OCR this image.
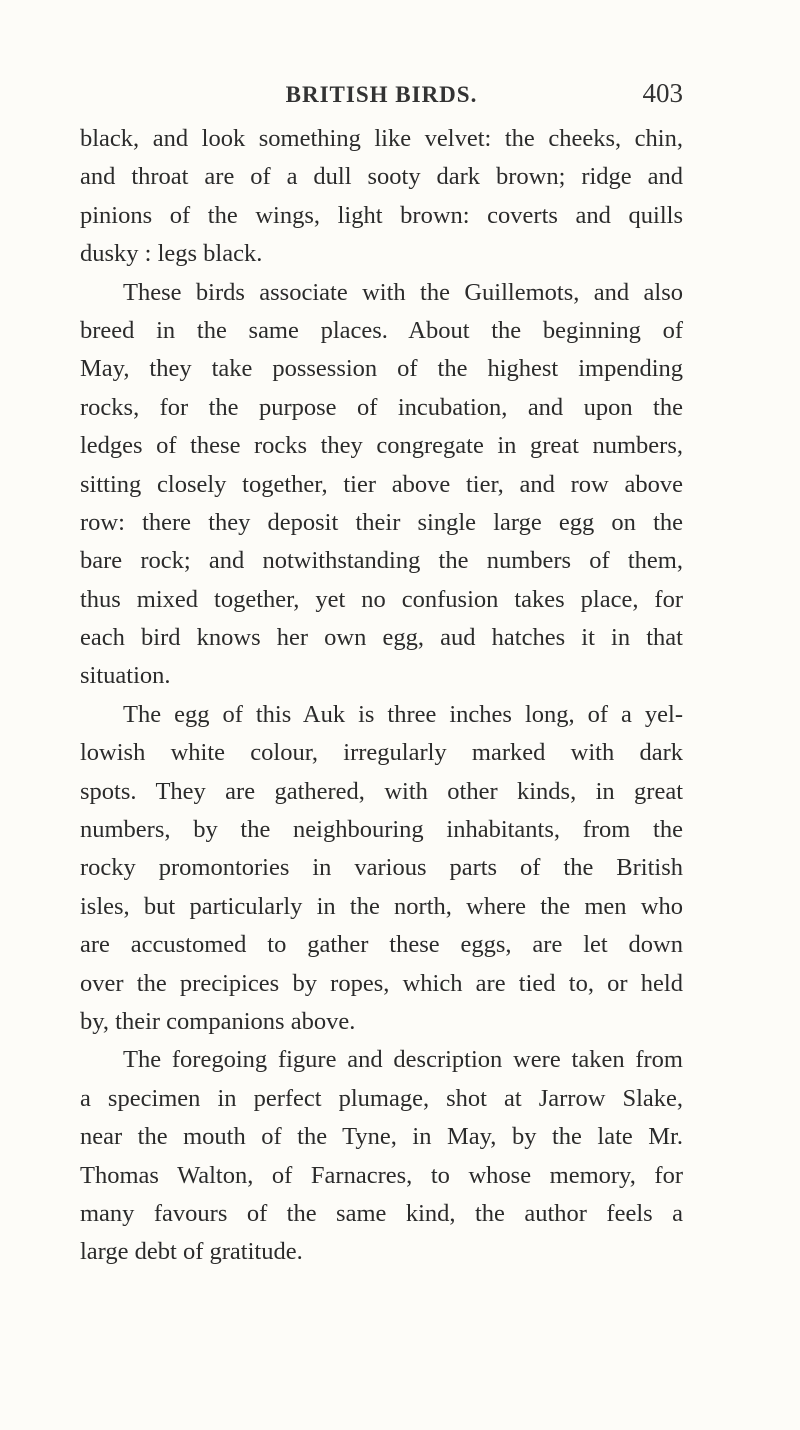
BRITISH BIRDS.	403
black, and look something like velvet: the cheeks, chin,
and throat are of a dull sooty dark brown; ridge and
pinions of the wings, light brown: coverts and quills
dusky : legs black.
These birds associate with the Guillemots, and also
breed in the same places. About the beginning of
May, they take possession of the highest impending
rocks, for the purpose of incubation, and upon the
ledges of these rocks they congregate in great numbers,
sitting closely together, tier above tier, and row above
row: there they deposit their single large egg on the
bare rock; and notwithstanding the numbers of them,
thus mixed together, yet no confusion takes place, for
each bird knows her own egg, aud hatches it in that
situation.
The egg of this Auk is three inches long, of a yel-
lowish white colour, irregularly marked with dark
spots. They are gathered, with other kinds, in great
numbers, by the neighbouring inhabitants, from the
rocky promontories in various parts of the British
isles, but particularly in the north, where the men who
are accustomed to gather these eggs, are let down
over the precipices by ropes, which are tied to, or held
by, their companions above.
The foregoing figure and description were taken from
a specimen in perfect plumage, shot at Jarrow Slake,
near the mouth of the Tyne, in May, by the late Mr.
Thomas Walton, of Farnacres, to whose memory, for
many favours of the same kind, the author feels a
large debt of gratitude.
